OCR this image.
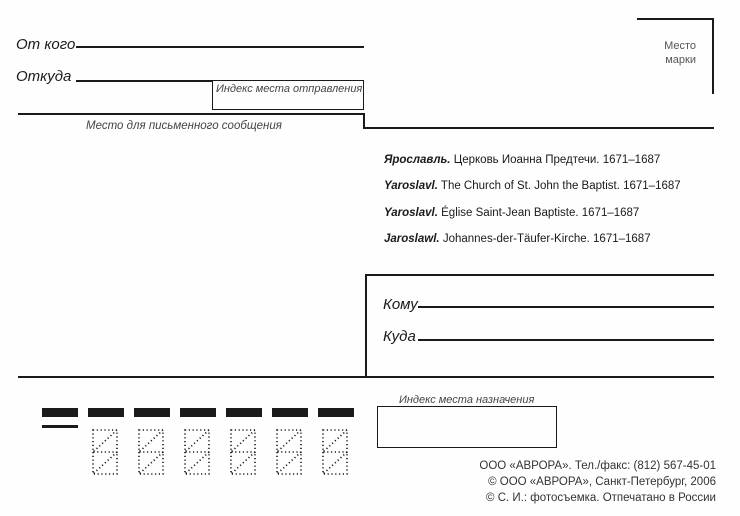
От кого
Откуда
Индекс места отправления
Место
марки
Место для письменного сообщения
Ярославль. Церковь Иоанна Предтечи. 1671–1687
Yaroslavl. The Church of St. John the Baptist. 1671–1687
Yaroslavl. Église Saint-Jean Baptiste. 1671–1687
Jaroslawl. Johannes-der-Täufer-Kirche. 1671–1687
Кому
Куда
Индекс места назначения
ООО «АВРОРА». Тел./факс: (812) 567-45-01
© ООО «АВРОРА», Санкт-Петербург, 2006
© С. И.: фотосъемка. Отпечатано в России
